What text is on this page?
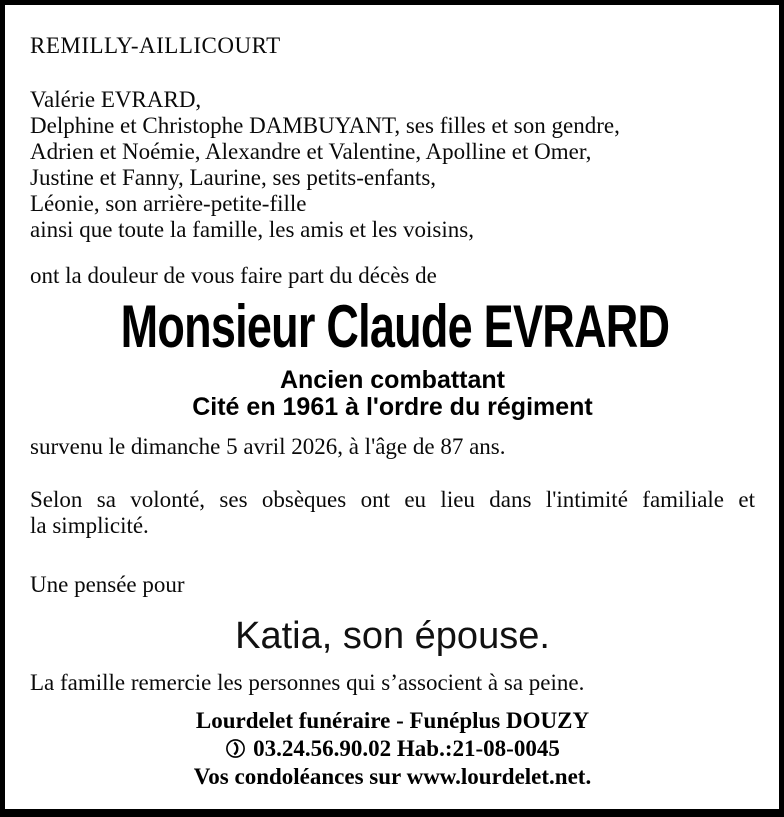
REMILLY-AILLICOURT
Valérie EVRARD,
Delphine et Christophe DAMBUYANT, ses filles et son gendre,
Adrien et Noémie, Alexandre et Valentine, Apolline et Omer,
Justine et Fanny, Laurine, ses petits-enfants,
Léonie, son arrière-petite-fille
ainsi que toute la famille, les amis et les voisins,
ont la douleur de vous faire part du décès de
Monsieur Claude EVRARD
Ancien combattant
Cité en 1961 à l'ordre du régiment
survenu le dimanche 5 avril 2026, à l'âge de 87 ans.
Selon sa volonté, ses obsèques ont eu lieu dans l'intimité familiale et
la simplicité.
Une pensée pour
Katia, son épouse.
La famille remercie les personnes qui s’associent à sa peine.
Lourdelet funéraire - Funéplus DOUZY
03.24.56.90.02 Hab.:21-08-0045
Vos condoléances sur www.lourdelet.net.
